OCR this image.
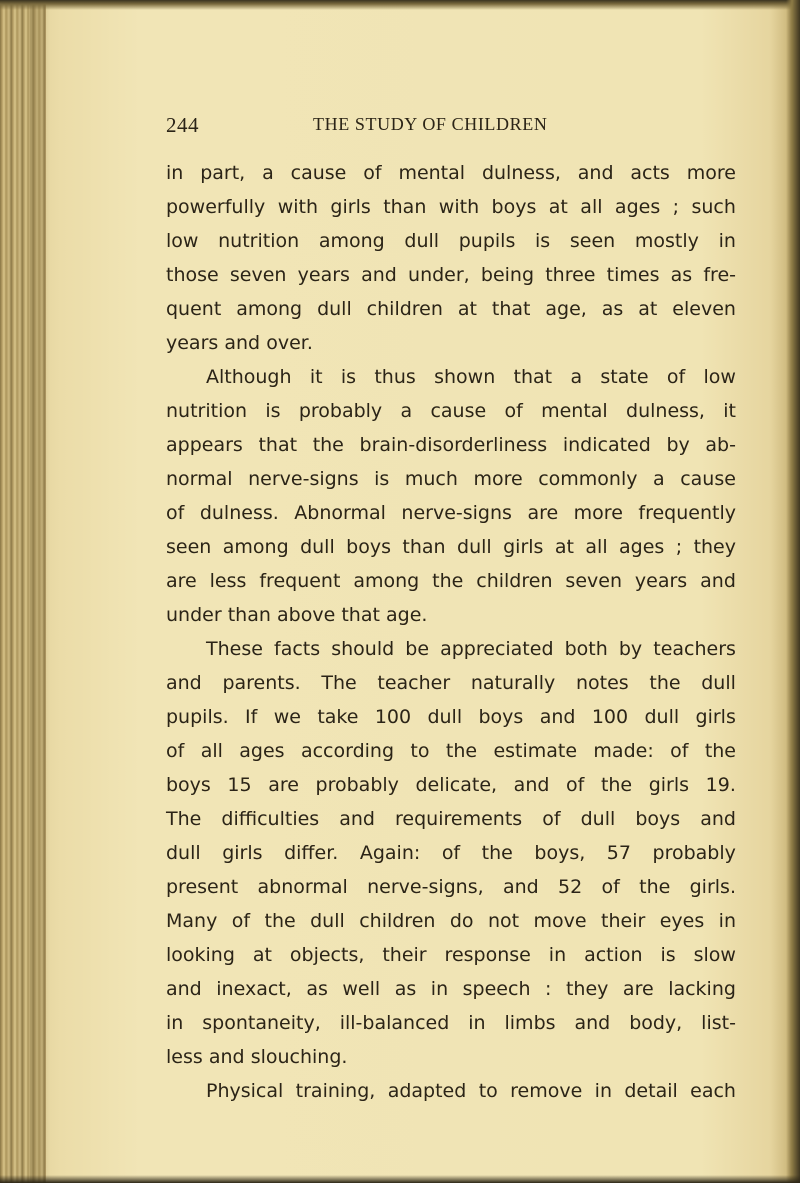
244	THE STUDY OF CHILDREN
in part, a cause of mental dulness, and acts more
powerfully with girls than with boys at all ages ; such
low nutrition among dull pupils is seen mostly in
those seven years and under, being three times as fre-
quent among dull children at that age, as at eleven
years and over.
Although it is thus shown that a state of low
nutrition is probably a cause of mental dulness, it
appears that the brain-disorderliness indicated by ab-
normal nerve-signs is much more commonly a cause
of dulness. Abnormal nerve-signs are more frequently
seen among dull boys than dull girls at all ages ; they
are less frequent among the children seven years and
under than above that age.
These facts should be appreciated both by teachers
and parents. The teacher naturally notes the dull
pupils. If we take 100 dull boys and 100 dull girls
of all ages according to the estimate made: of the
boys 15 are probably delicate, and of the girls 19.
The difficulties and requirements of dull boys and
dull girls differ. Again: of the boys, 57 probably
present abnormal nerve-signs, and 52 of the girls.
Many of the dull children do not move their eyes in
looking at objects, their response in action is slow
and inexact, as well as in speech : they are lacking
in spontaneity, ill-balanced in limbs and body, list-
less and slouching.
Physical training, adapted to remove in detail each
